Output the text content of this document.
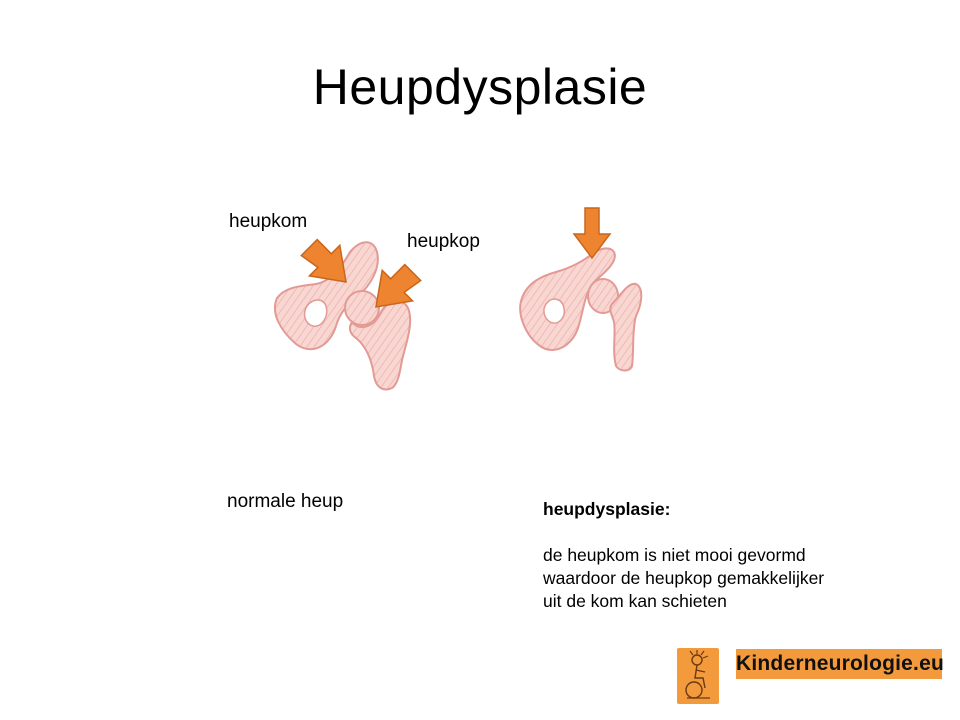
Heupdysplasie
heupkom
heupkop
normale heup	heupdysplasie:
de heupkom is niet mooi gevormd
waardoor de heupkop gemakkelijker
uit de kom kan schieten
Kinderneurologie.eu
